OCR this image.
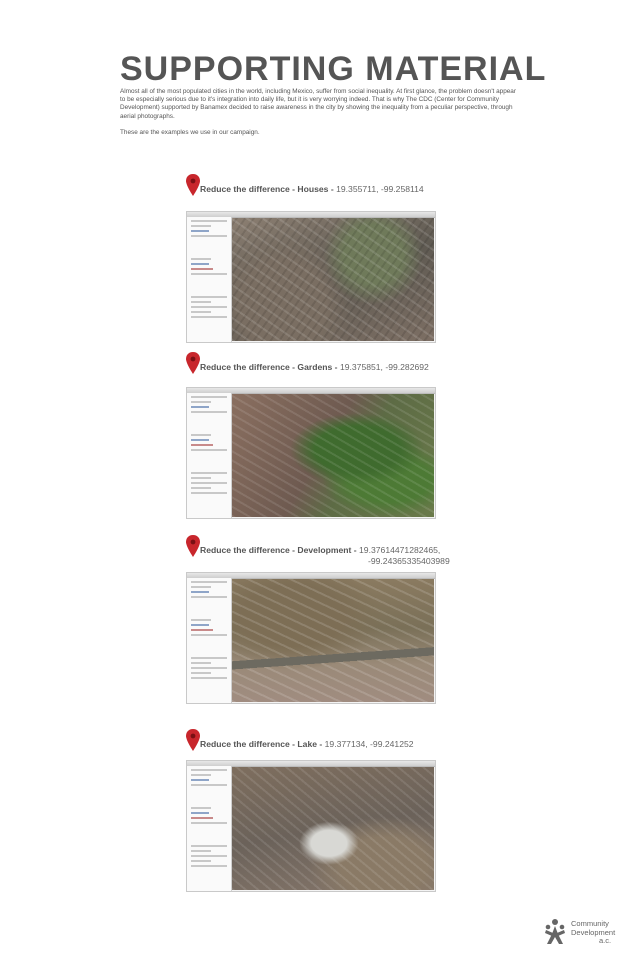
SUPPORTING MATERIAL

Almost all of the most populated cities in the world, including Mexico, suffer from social inequality. At first glance, the problem doesn't appear to be especially serious due to it's integration into daily life, but it is very worrying indeed. That is why The CDC (Center for Community Development) supported by Banamex decided to raise awareness in the city by showing the inequality from a peculiar perspective, through aerial photographs.

These are the examples we use in our campaign.

Reduce the difference - Houses - 19.355711, -99.258114
Reduce the difference - Gardens - 19.375851, -99.282692
Reduce the difference - Development - 19.37614471282465,
-99.24365335403989
Reduce the difference - Lake - 19.377134, -99.241252
Community
Development
a.c.
